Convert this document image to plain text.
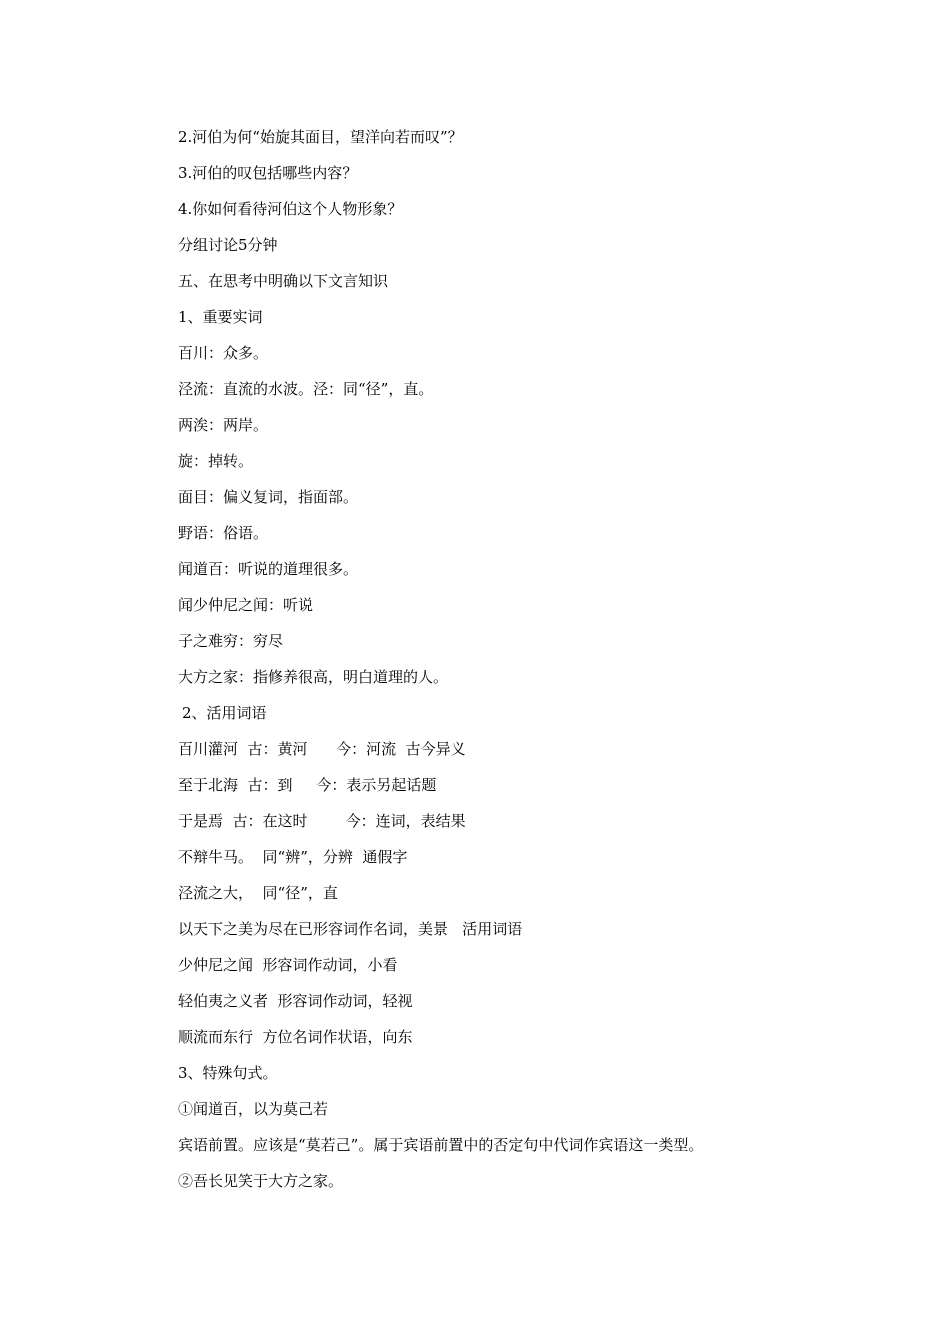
2.河伯为何“始旋其面目，望洋向若而叹”？
3.河伯的叹包括哪些内容？
4.你如何看待河伯这个人物形象？
分组讨论5分钟
五、在思考中明确以下文言知识
1、重要实词
百川：众多。
泾流：直流的水波。泾：同“径”，直。
两涘：两岸。
旋：掉转。
面目：偏义复词，指面部。
野语：俗语。
闻道百：听说的道理很多。
闻少仲尼之闻：听说
子之难穷：穷尽
大方之家：指修养很高，明白道理的人。
2、活用词语
百川灌河  古：黄河      今：河流  古今异义
至于北海  古：到     今：表示另起话题
于是焉  古：在这时        今：连词，表结果
不辩牛马。  同“辨”，分辨  通假字
泾流之大，  同“径”，直
以天下之美为尽在已形容词作名词，美景   活用词语
少仲尼之闻  形容词作动词，小看
轻伯夷之义者  形容词作动词，轻视
顺流而东行  方位名词作状语，向东
3、特殊句式。
①闻道百，以为莫己若
宾语前置。应该是“莫若己”。属于宾语前置中的否定句中代词作宾语这一类型。
②吾长见笑于大方之家。
